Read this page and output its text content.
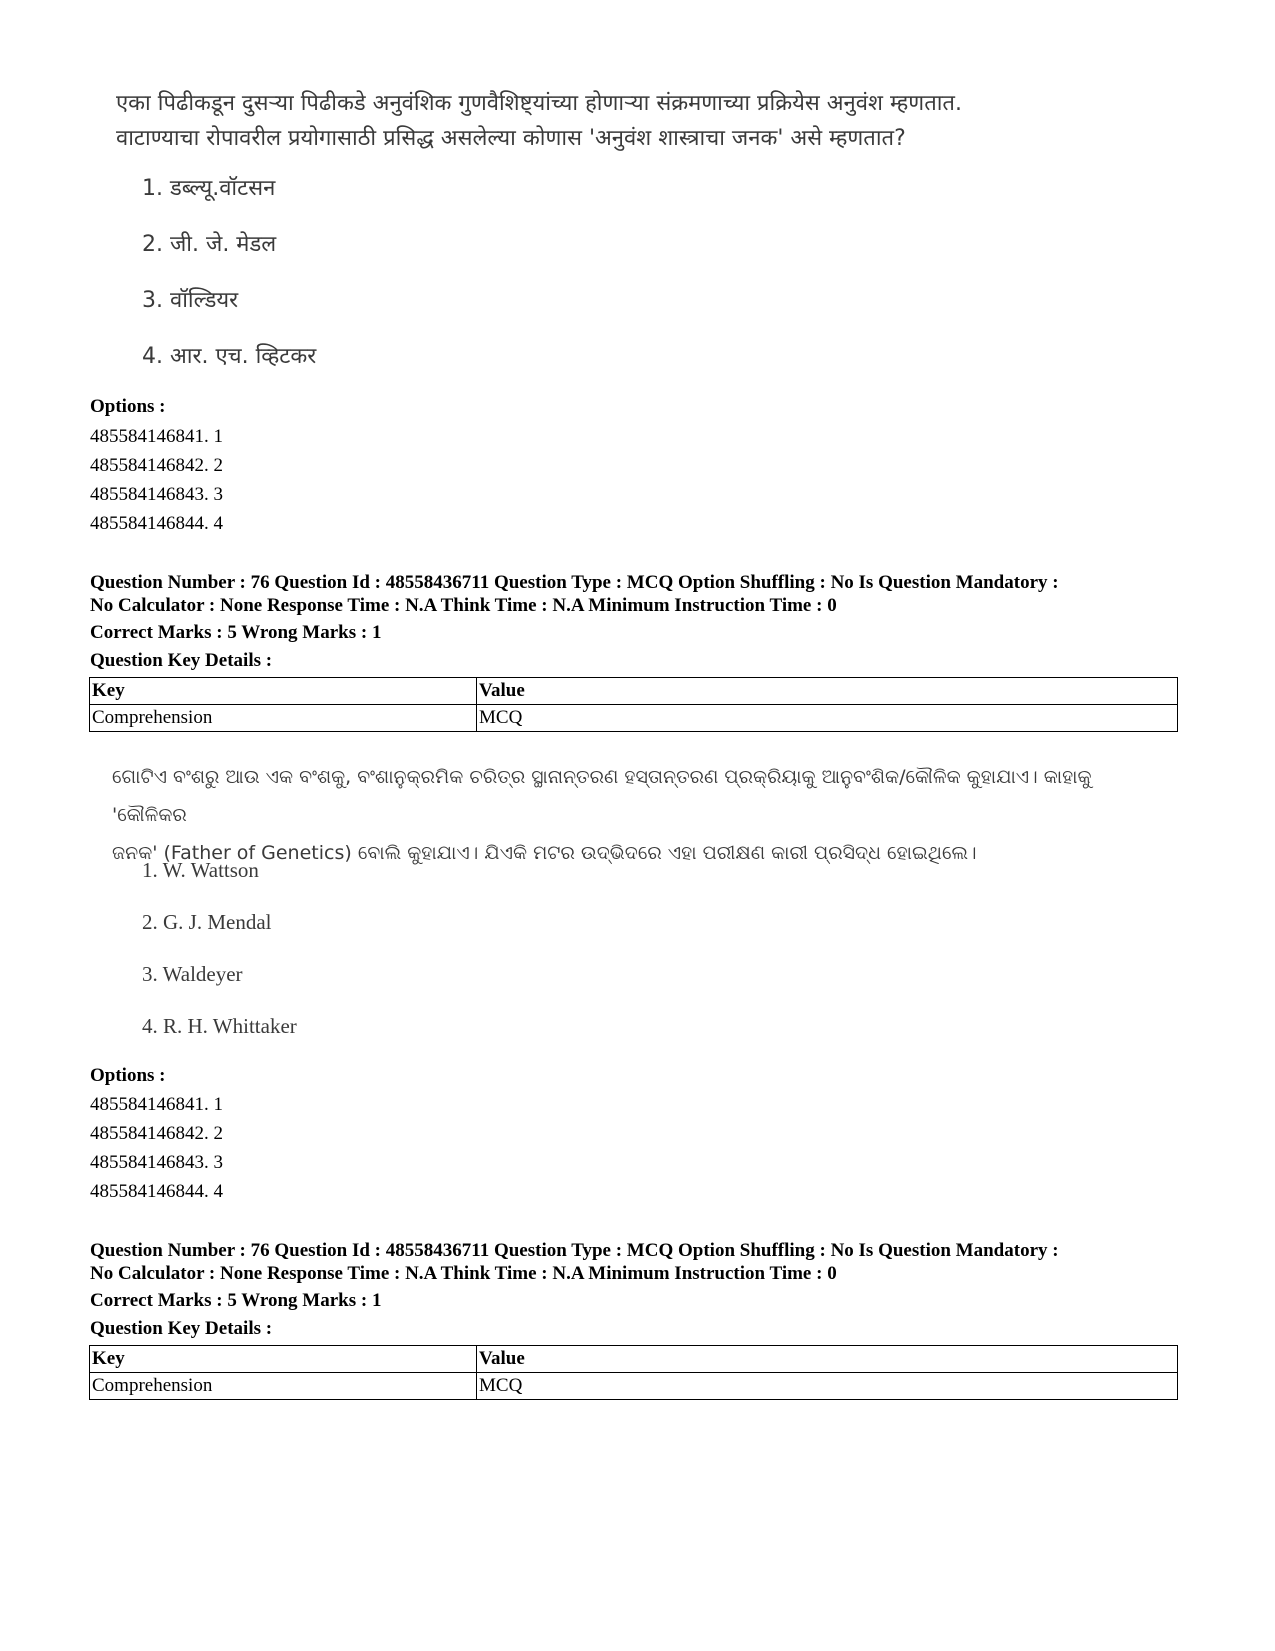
एका पिढीकडून दुसऱ्या पिढीकडे अनुवंशिक गुणवैशिष्ट्यांच्या होणाऱ्या संक्रमणाच्या प्रक्रियेस अनुवंश म्हणतात.
वाटाण्याचा रोपावरील प्रयोगासाठी प्रसिद्ध असलेल्या कोणास 'अनुवंश शास्त्राचा जनक' असे म्हणतात?
1. डब्ल्यू.वॉटसन
2. जी. जे. मेडल
3. वॉल्डियर
4. आर. एच. व्हिटकर
Options :
485584146841. 1
485584146842. 2
485584146843. 3
485584146844. 4
Question Number : 76 Question Id : 48558436711 Question Type : MCQ Option Shuffling : No Is Question Mandatory :
No Calculator : None Response Time : N.A Think Time : N.A Minimum Instruction Time : 0
Correct Marks : 5 Wrong Marks : 1
Question Key Details :
Key	Value
Comprehension	MCQ
ଗୋଟିଏ ବଂଶରୁ ଆଉ ଏକ ବଂଶକୁ, ବଂଶାନୁକ୍ରମିକ ଚରିତ୍ର ସ୍ଥାନାନ୍ତରଣ ହସ୍ତାନ୍ତରଣ ପ୍ରକ୍ରିୟାକୁ ଆନୁବଂଶିକ/କୌଳିକ କୁହାଯାଏ। କାହାକୁ 'କୌଳିକର
ଜନକ' (Father of Genetics) ବୋଲି କୁହାଯାଏ। ଯିଏକି ମଟର ଉଦ୍ଭିଦରେ ଏହା ପରୀକ୍ଷଣ କାରୀ ପ୍ରସିଦ୍ଧ ହୋଇଥିଲେ।
1. W. Wattson
2. G. J. Mendal
3. Waldeyer
4. R. H. Whittaker
Options :
485584146841. 1
485584146842. 2
485584146843. 3
485584146844. 4
Question Number : 76 Question Id : 48558436711 Question Type : MCQ Option Shuffling : No Is Question Mandatory :
No Calculator : None Response Time : N.A Think Time : N.A Minimum Instruction Time : 0
Correct Marks : 5 Wrong Marks : 1
Question Key Details :
Key	Value
Comprehension	MCQ
